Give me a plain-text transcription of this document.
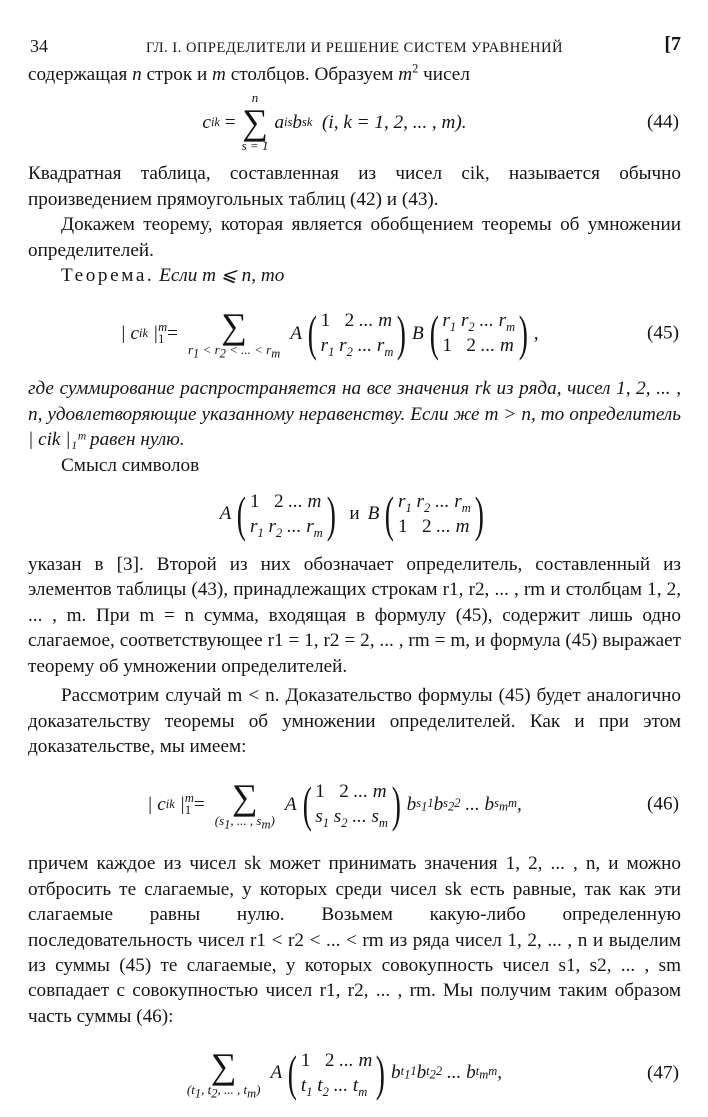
34	ГЛ. I. ОПРЕДЕЛИТЕЛИ И РЕШЕНИЕ СИСТЕМ УРАВНЕНИЙ	[7

содержащая n строк и m столбцов. Образуем $m^2$ чисел

c ik =
n
∑
s = 1
a is b sk
(i, k = 1, 2, ... , m).	(44)

Квадратная таблица, составленная из чисел cik, называется обычно произведением прямоугольных таблиц (42) и (43).

Докажем теорему, которая является обобщением теоремы об умножении определителей.

Теорема. Если m ⩽ n, то

| c ik | m
1 = ∑
$r_1 < r_2$ < ... < $r_m$
A ( 1   2 ... m
$r_1$ $r_2$ ... $r_m$ ) B ( $r_1$ $r_2$ ... $r_m$
1   2 ... m ) ,	(45)

где суммирование распространяется на все значения rk из ряда, чисел 1, 2, ... , n, удовлетворяющие указанному неравенству. Если же m > n, то определитель | cik |₁ᵐ равен нулю.

Смысл символов

A ( 1   2 ... m
$r_1$ $r_2$ ... $r_m$ ) и B ( $r_1$ $r_2$ ... $r_m$
1   2 ... m )

указан в [3]. Второй из них обозначает определитель, составленный из элементов таблицы (43), принадлежащих строкам r1, r2, ... , rm и столбцам 1, 2, ... , m. При m = n сумма, входящая в формулу (45), содержит лишь одно слагаемое, соответствующее r1 = 1, r2 = 2, ... , rm = m, и формула (45) выражает теорему об умножении определителей.

Рассмотрим случай m < n. Доказательство формулы (45) будет аналогично доказательству теоремы об умножении определителей. Как и при этом доказательстве, мы имеем:

| c ik | m
1 = ∑
($s_1$, ... , $s_m$)
A ( 1   2 ... m
$s_1$ $s_2$ ... $s_m$ ) b $s_11$ b $s_22$ ... b $s_mm$ ,	(46)

причем каждое из чисел sk может принимать значения 1, 2, ... , n, и можно отбросить те слагаемые, у которых среди чисел sk есть равные, так как эти слагаемые равны нулю. Возьмем какую-либо определенную последовательность чисел r1 < r2 < ... < rm из ряда чисел 1, 2, ... , n и выделим из суммы (45) те слагаемые, у которых совокупность чисел s1, s2, ... , sm совпадает с совокупностью чисел r1, r2, ... , rm. Мы получим таким образом часть суммы (46):

∑
($t_1$, $t_2$, ... , $t_m$)
A ( 1   2 ... m
$t_1$ $t_2$ ... $t_m$ ) b $t_11$ b $t_22$ ... b $t_mm$ ,	(47)
